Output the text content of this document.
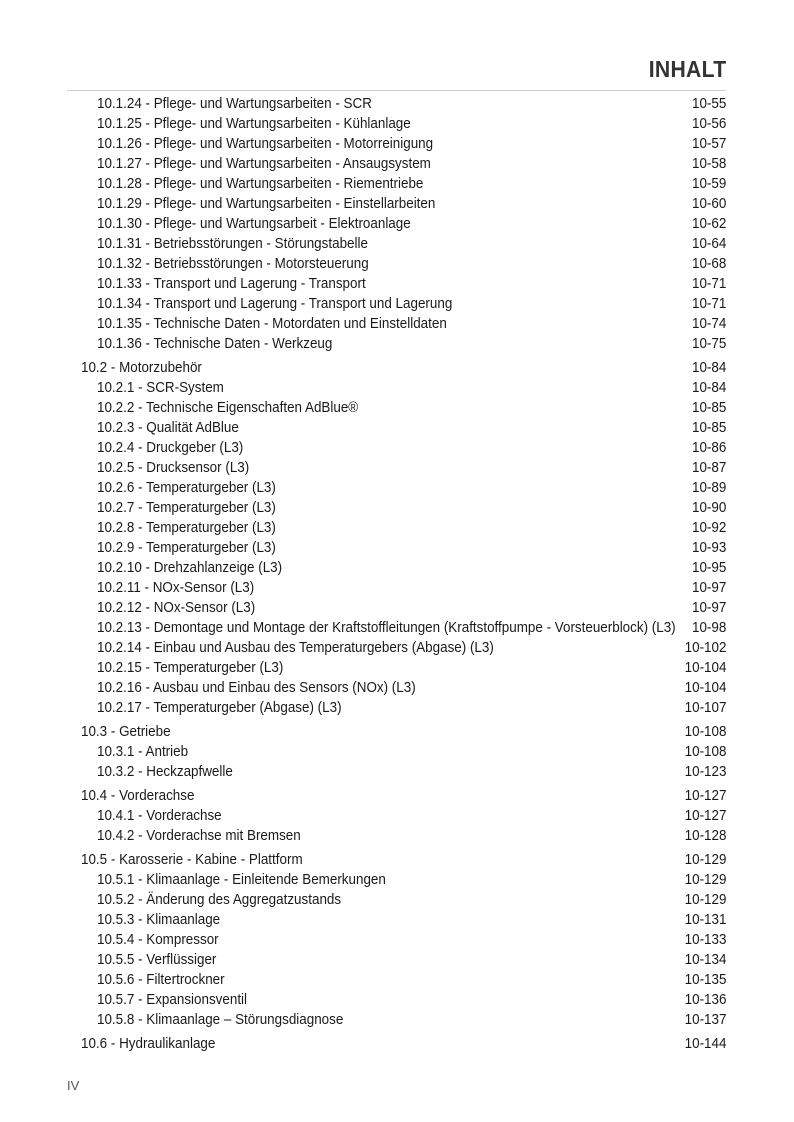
INHALT
10.1.24 - Pflege- und Wartungsarbeiten - SCR	10-55
10.1.25 - Pflege- und Wartungsarbeiten - Kühlanlage	10-56
10.1.26 - Pflege- und Wartungsarbeiten - Motorreinigung	10-57
10.1.27 - Pflege- und Wartungsarbeiten - Ansaugsystem	10-58
10.1.28 - Pflege- und Wartungsarbeiten - Riementriebe	10-59
10.1.29 - Pflege- und Wartungsarbeiten - Einstellarbeiten	10-60
10.1.30 - Pflege- und Wartungsarbeit - Elektroanlage	10-62
10.1.31 - Betriebsstörungen - Störungstabelle	10-64
10.1.32 - Betriebsstörungen - Motorsteuerung	10-68
10.1.33 - Transport und Lagerung - Transport	10-71
10.1.34 - Transport und Lagerung - Transport und Lagerung	10-71
10.1.35 - Technische Daten - Motordaten und Einstelldaten	10-74
10.1.36 - Technische Daten - Werkzeug	10-75
10.2 - Motorzubehör	10-84
10.2.1 - SCR-System	10-84
10.2.2 - Technische Eigenschaften AdBlue®	10-85
10.2.3 - Qualität AdBlue	10-85
10.2.4 - Druckgeber (L3)	10-86
10.2.5 - Drucksensor (L3)	10-87
10.2.6 - Temperaturgeber (L3)	10-89
10.2.7 - Temperaturgeber (L3)	10-90
10.2.8 - Temperaturgeber (L3)	10-92
10.2.9 - Temperaturgeber (L3)	10-93
10.2.10 - Drehzahlanzeige (L3)	10-95
10.2.11 - NOx-Sensor (L3)	10-97
10.2.12 - NOx-Sensor (L3)	10-97
10.2.13 - Demontage und Montage der Kraftstoffleitungen (Kraftstoffpumpe - Vorsteuerblock) (L3) 10-98
10.2.14 - Einbau und Ausbau des Temperaturgebers (Abgase) (L3)	10-102
10.2.15 - Temperaturgeber (L3)	10-104
10.2.16 - Ausbau und Einbau des Sensors (NOx) (L3)	10-104
10.2.17 - Temperaturgeber (Abgase) (L3)	10-107
10.3 - Getriebe	10-108
10.3.1 - Antrieb	10-108
10.3.2 - Heckzapfwelle	10-123
10.4 - Vorderachse	10-127
10.4.1 - Vorderachse	10-127
10.4.2 - Vorderachse mit Bremsen	10-128
10.5 - Karosserie - Kabine - Plattform	10-129
10.5.1 - Klimaanlage - Einleitende Bemerkungen	10-129
10.5.2 - Änderung des Aggregatzustands	10-129
10.5.3 - Klimaanlage	10-131
10.5.4 - Kompressor	10-133
10.5.5 - Verflüssiger	10-134
10.5.6 - Filtertrockner	10-135
10.5.7 - Expansionsventil	10-136
10.5.8 - Klimaanlage – Störungsdiagnose	10-137
10.6 - Hydraulikanlage	10-144
IV
